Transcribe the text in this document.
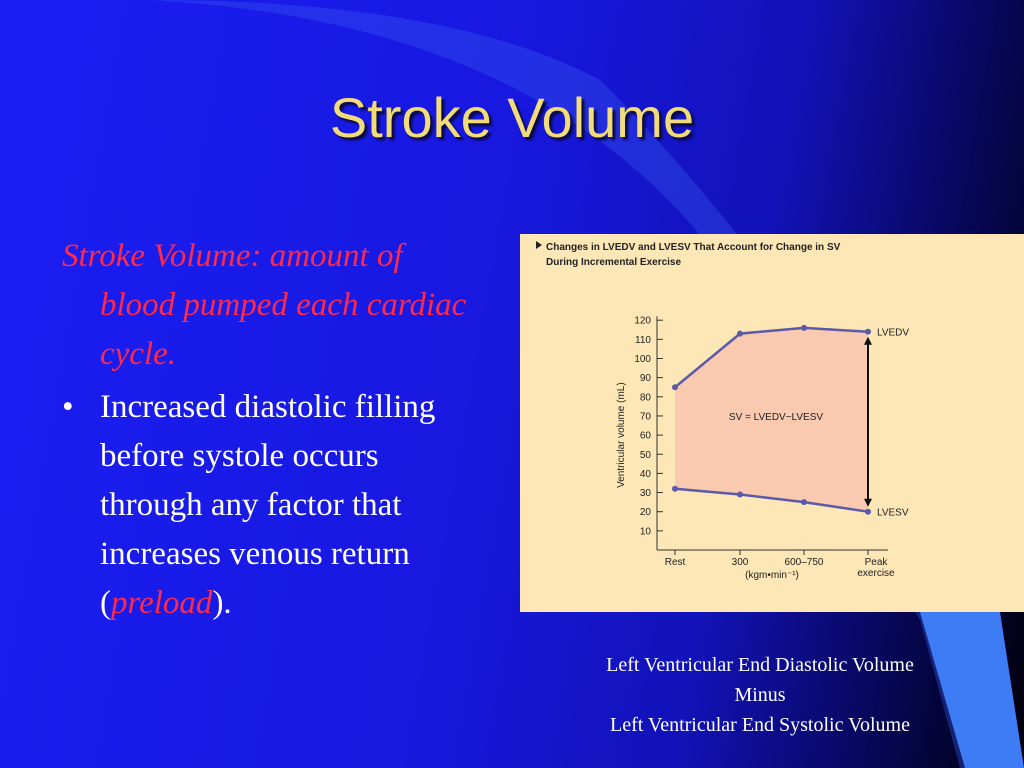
Stroke Volume
Stroke Volume: amount of blood pumped each cardiac cycle.
• Increased diastolic filling before systole occurs through any factor that increases venous return (preload).
Changes in LVEDV and LVESV That Account for Change in SV
During Incremental Exercise
10
20
30
40
50
60
70
80
90
100
110
120
Ventricular volume (mL)
Rest	300	600–750	Peak
exercise
(kgm•min⁻¹)
LVEDV
LVESV
SV = LVEDV−LVESV
Left Ventricular End Diastolic Volume
Minus
Left Ventricular End Systolic Volume
